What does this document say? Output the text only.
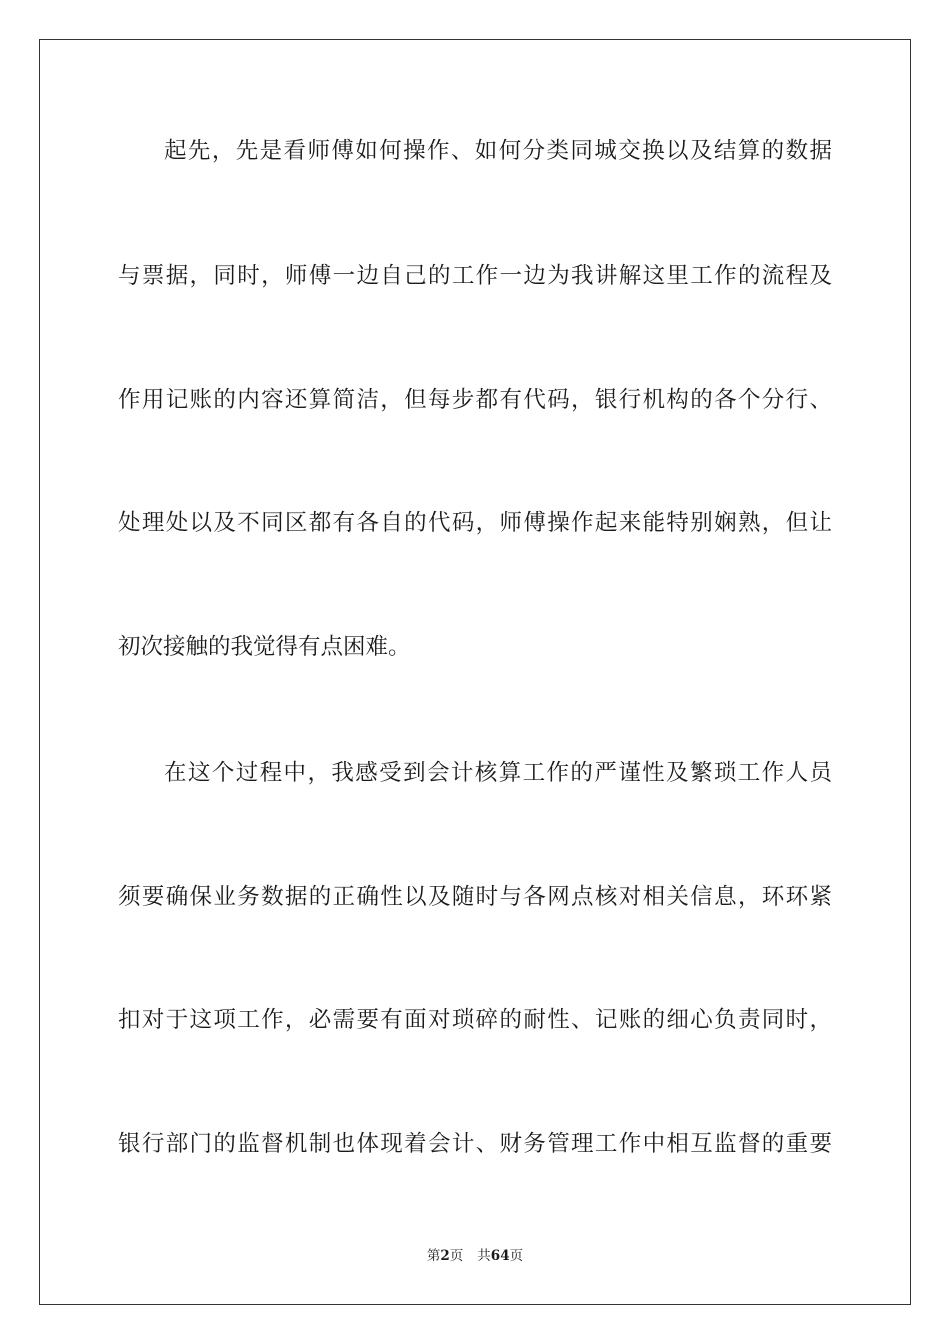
起先，先是看师傅如何操作、如何分类同城交换以及结算的数据
与票据，同时，师傅一边自己的工作一边为我讲解这里工作的流程及
作用记账的内容还算简洁，但每步都有代码，银行机构的各个分行、
处理处以及不同区都有各自的代码，师傅操作起来能特别娴熟，但让
初次接触的我觉得有点困难。
在这个过程中，我感受到会计核算工作的严谨性及繁琐工作人员
须要确保业务数据的正确性以及随时与各网点核对相关信息，环环紧
扣对于这项工作，必需要有面对琐碎的耐性、记账的细心负责同时，
银行部门的监督机制也体现着会计、财务管理工作中相互监督的重要
第2页 共64页
